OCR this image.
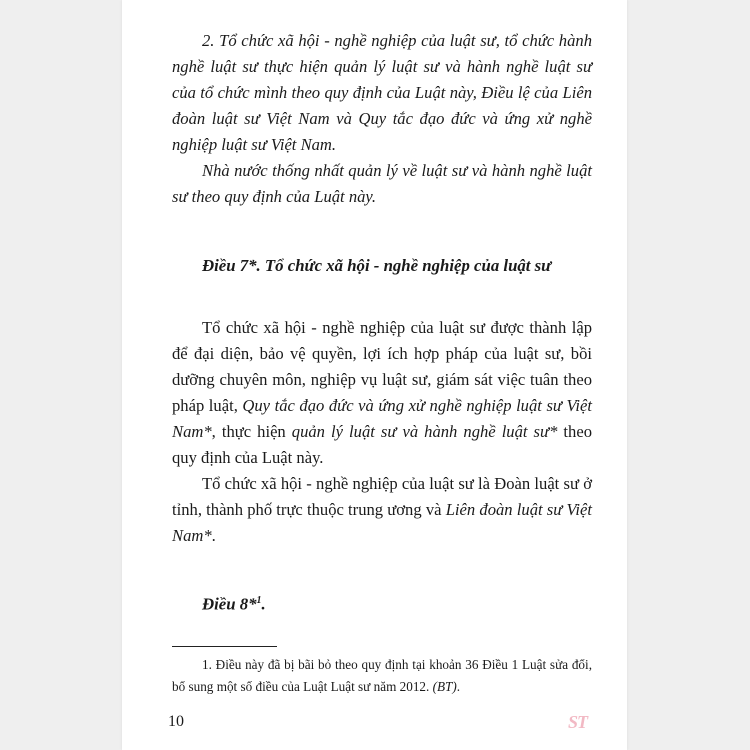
2. Tổ chức xã hội - nghề nghiệp của luật sư, tổ chức hành nghề luật sư thực hiện quản lý luật sư và hành nghề luật sư của tổ chức mình theo quy định của Luật này, Điều lệ của Liên đoàn luật sư Việt Nam và Quy tắc đạo đức và ứng xử nghề nghiệp luật sư Việt Nam.

Nhà nước thống nhất quản lý về luật sư và hành nghề luật sư theo quy định của Luật này.

Điều 7*. Tổ chức xã hội - nghề nghiệp của luật sư

Tổ chức xã hội - nghề nghiệp của luật sư được thành lập để đại diện, bảo vệ quyền, lợi ích hợp pháp của luật sư, bồi dưỡng chuyên môn, nghiệp vụ luật sư, giám sát việc tuân theo pháp luật, Quy tắc đạo đức và ứng xử nghề nghiệp luật sư Việt Nam*, thực hiện quản lý luật sư và hành nghề luật sư* theo quy định của Luật này.

Tổ chức xã hội - nghề nghiệp của luật sư là Đoàn luật sư ở tỉnh, thành phố trực thuộc trung ương và Liên đoàn luật sư Việt Nam*.

Điều 8*$^1$.

1. Điều này đã bị bãi bỏ theo quy định tại khoản 36 Điều 1 Luật sửa đổi, bổ sung một số điều của Luật Luật sư năm 2012. (BT).

10	ST
